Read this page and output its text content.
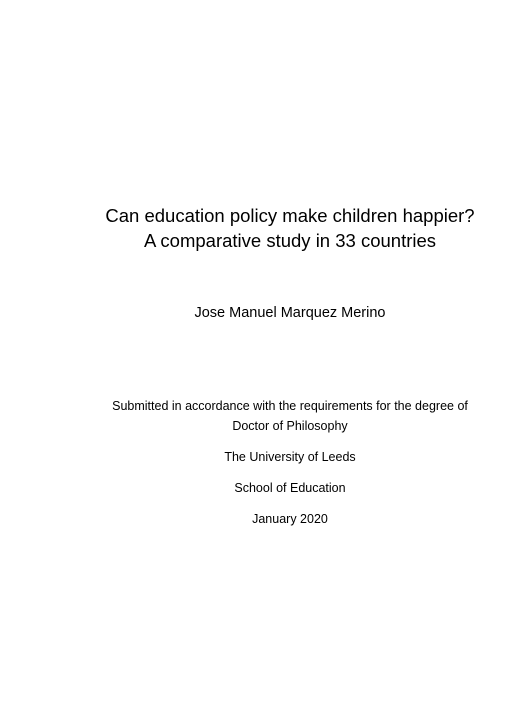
Can education policy make children happier?
A comparative study in 33 countries
Jose Manuel Marquez Merino
Submitted in accordance with the requirements for the degree of
Doctor of Philosophy
The University of Leeds
School of Education
January 2020
